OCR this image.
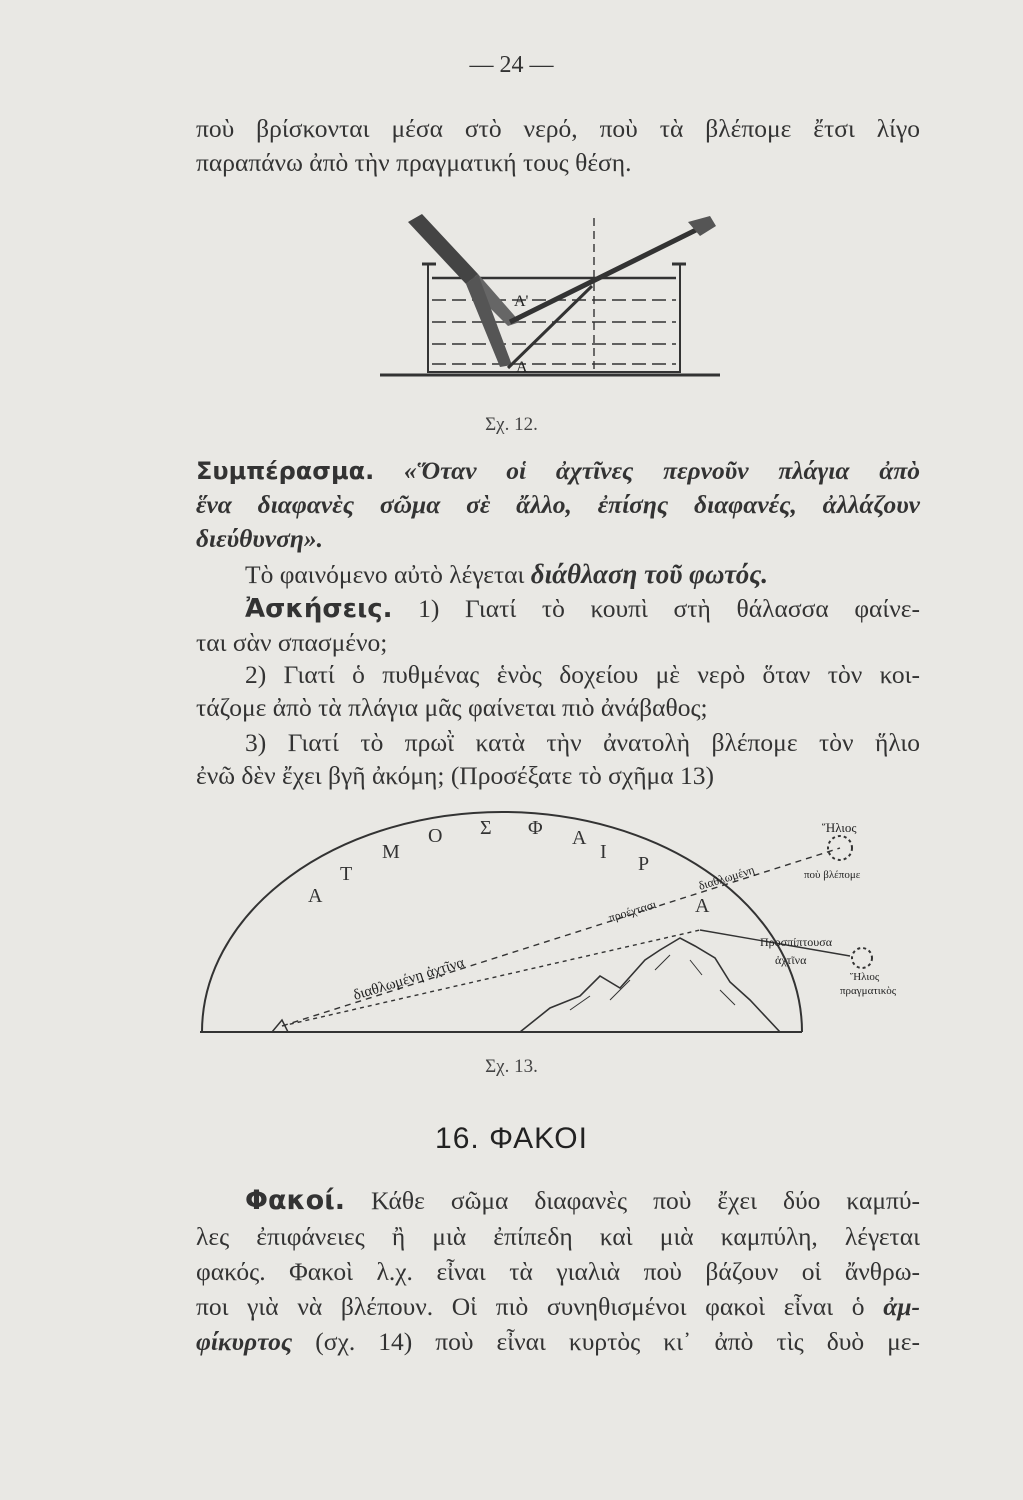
— 24 —
ποὺ βρίσκονται μέσα στὸ νερό, ποὺ τὰ βλέπομε ἔτσι λίγο
παραπάνω ἀπὸ τὴν πραγματική τους θέση.
Α'
Α
Σχ. 12.
Συμπέρασμα. «Ὅταν οἱ ἀχτῖνες περνοῦν πλάγια ἀπὸ
ἕνα διαφανὲς σῶμα σὲ ἄλλο, ἐπίσης διαφανές, ἀλλάζουν
διεύθυνση».
Τὸ φαινόμενο αὐτὸ λέγεται διάθλαση τοῦ φωτός.
Ἀσκήσεις. 1) Γιατί τὸ κουπὶ στὴ θάλασσα φαίνε-
ται σὰν σπασμένο;
2) Γιατί ὁ πυθμένας ἑνὸς δοχείου μὲ νερὸ ὅταν τὸν κοι-
τάζομε ἀπὸ τὰ πλάγια μᾶς φαίνεται πιὸ ἀνάβαθος;
3) Γιατί τὸ πρωῒ κατὰ τὴν ἀνατολὴ βλέπομε τὸν ἥλιο
ἐνῶ δὲν ἔχει βγῆ ἀκόμη; (Προσέξατε τὸ σχῆμα 13)
Α
Τ
Μ
Ο Σ Φ Α
Ι
Ρ
Α
Ἥλιος
ποὺ βλέπομε
διαθλωμένη
προέχτασι
διαθλωμένη ἀχτῖνα
Προσπίπτουσα
ἀχτῖνα
Ἥλιος
πραγματικὸς
Σχ. 13.
16. ΦΑΚΟΙ
Φακοί. Κάθε σῶμα διαφανὲς ποὺ ἔχει δύο καμπύ-
λες ἐπιφάνειες ἢ μιὰ ἐπίπεδη καὶ μιὰ καμπύλη, λέγεται
φακός. Φακοὶ λ.χ. εἶναι τὰ γιαλιὰ ποὺ βάζουν οἱ ἄνθρω-
ποι γιὰ νὰ βλέπουν. Οἱ πιὸ συνηθισμένοι φακοὶ εἶναι ὁ ἀμ-
φίκυρτος (σχ. 14) ποὺ εἶναι κυρτὸς κι᾽ ἀπὸ τὶς δυὸ με-
